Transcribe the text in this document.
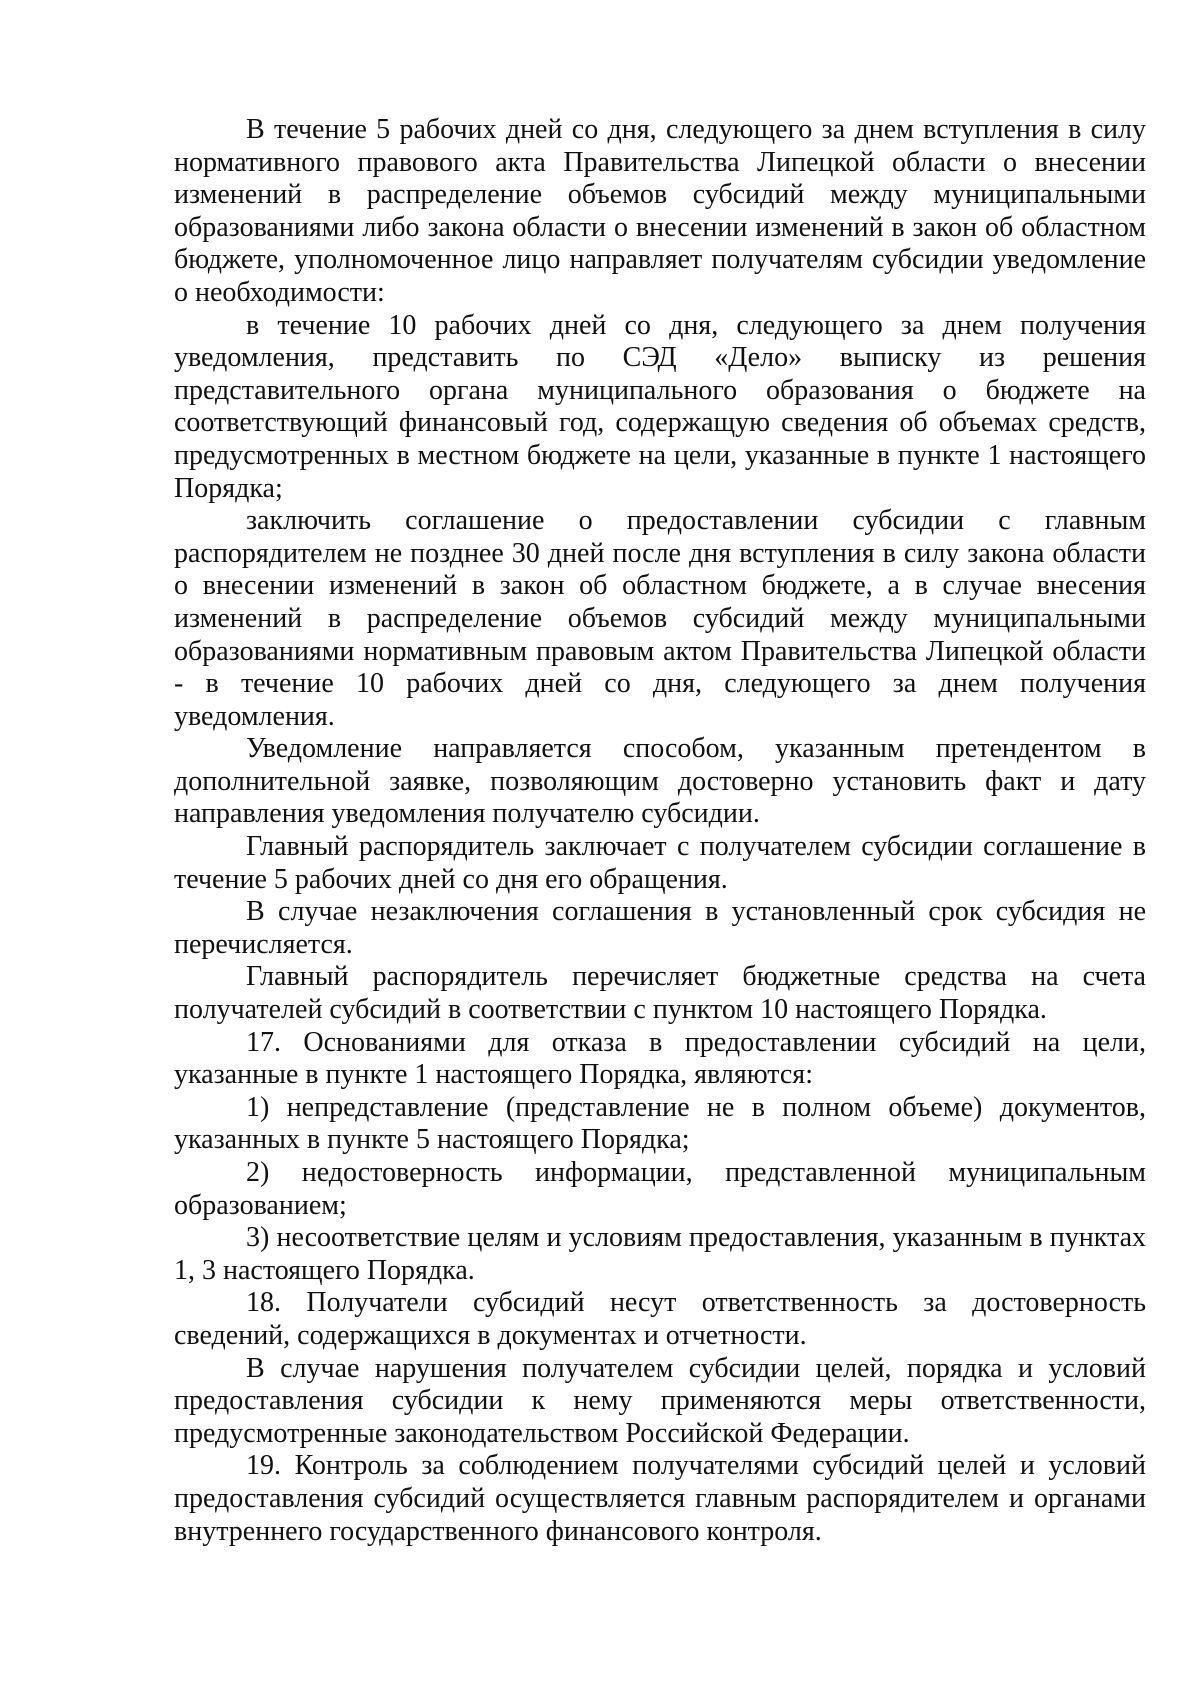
В течение 5 рабочих дней со дня, следующего за днем вступления в силу нормативного правового акта Правительства Липецкой области о внесении изменений в распределение объемов субсидий между муниципальными образованиями либо закона области о внесении изменений в закон об областном бюджете, уполномоченное лицо направляет получателям субсидии уведомление о необходимости:

в течение 10 рабочих дней со дня, следующего за днем получения уведомления, представить по СЭД «Дело» выписку из решения представительного органа муниципального образования о бюджете на соответствующий финансовый год, содержащую сведения об объемах средств, предусмотренных в местном бюджете на цели, указанные в пункте 1 настоящего Порядка;

заключить соглашение о предоставлении субсидии с главным распорядителем не позднее 30 дней после дня вступления в силу закона области о внесении изменений в закон об областном бюджете, а в случае внесения изменений в распределение объемов субсидий между муниципальными образованиями нормативным правовым актом Правительства Липецкой области - в течение 10 рабочих дней со дня, следующего за днем получения уведомления.

Уведомление направляется способом, указанным претендентом в дополнительной заявке, позволяющим достоверно установить факт и дату направления уведомления получателю субсидии.

Главный распорядитель заключает с получателем субсидии соглашение в течение 5 рабочих дней со дня его обращения.

В случае незаключения соглашения в установленный срок субсидия не перечисляется.

Главный распорядитель перечисляет бюджетные средства на счета получателей субсидий в соответствии с пунктом 10 настоящего Порядка.

17. Основаниями для отказа в предоставлении субсидий на цели, указанные в пункте 1 настоящего Порядка, являются:

1) непредставление (представление не в полном объеме) документов, указанных в пункте 5 настоящего Порядка;

2) недостоверность информации, представленной муниципальным образованием;

3) несоответствие целям и условиям предоставления, указанным в пунктах 1, 3 настоящего Порядка.

18. Получатели субсидий несут ответственность за достоверность сведений, содержащихся в документах и отчетности.

В случае нарушения получателем субсидии целей, порядка и условий предоставления субсидии к нему применяются меры ответственности, предусмотренные законодательством Российской Федерации.

19. Контроль за соблюдением получателями субсидий целей и условий предоставления субсидий осуществляется главным распорядителем и органами внутреннего государственного финансового контроля.
